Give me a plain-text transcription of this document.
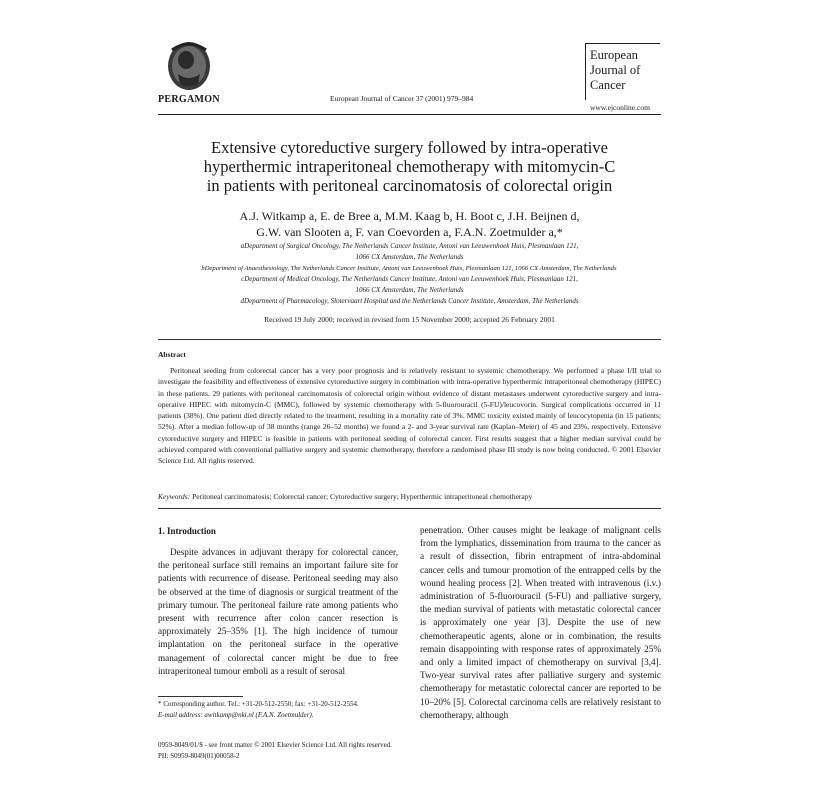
PERGAMON	European Journal of Cancer 37 (2001) 979–984
European
Journal of
Cancer
www.ejconline.com
Extensive cytoreductive surgery followed by intra-operative
hyperthermic intraperitoneal chemotherapy with mitomycin-C
in patients with peritoneal carcinomatosis of colorectal origin
A.J. Witkamp a, E. de Bree a, M.M. Kaag b, H. Boot c, J.H. Beijnen d,
G.W. van Slooten a, F. van Coevorden a, F.A.N. Zoetmulder a,*
aDepartment of Surgical Oncology, The Netherlands Cancer Institute, Antoni van Leeuwenhoek Huis, Plesmanlaan 121,
1066 CX Amsterdam, The Netherlands
bDepartment of Anaesthesiology, The Netherlands Cancer Institute, Antoni van Leeuwenhoek Huis, Plesmanlaan 121, 1066 CX Amsterdam, The Netherlands
cDepartment of Medical Oncology, The Netherlands Cancer Institute, Antoni van Leeuwenhoek Huis, Plesmanlaan 121,
1066 CX Amsterdam, The Netherlands
dDepartment of Pharmacology, Slotervaart Hospital and the Netherlands Cancer Institute, Amsterdam, The Netherlands
Received 19 July 2000; received in revised form 15 November 2000; accepted 26 February 2001
Abstract

Peritoneal seeding from colorectal cancer has a very poor prognosis and is relatively resistant to systemic chemotherapy. We performed a phase I/II trial to investigate the feasibility and effectiveness of extensive cytoreductive surgery in combination with intra-operative hyperthermic intraperitoneal chemotherapy (HIPEC) in these patients. 29 patients with peritoneal carcinomatosis of colorectal origin without evidence of distant metastases underwent cytoreductive surgery and intra-operative HIPEC with mitomycin-C (MMC), followed by systemic chemotherapy with 5-fluorouracil (5-FU)/leucovorin. Surgical complications occurred in 11 patients (38%). One patient died directly related to the treatment, resulting in a mortality rate of 3%. MMC toxicity existed mainly of leucocytopenia (in 15 patients; 52%). After a median follow-up of 38 months (range 26–52 months) we found a 2- and 3-year survival rate (Kaplan–Meier) of 45 and 23%, respectively. Extensive cytoreductive surgery and HIPEC is feasible in patients with peritoneal seeding of colorectal cancer. First results suggest that a higher median survival could be achieved compared with conventional palliative surgery and systemic chemotherapy, therefore a randomised phase III study is now being conducted. © 2001 Elsevier Science Ltd. All rights reserved.

Keywords: Peritoneal carcinomatosis; Colorectal cancer; Cytoreductive surgery; Hyperthermic intraperitoneal chemotherapy
1. Introduction

Despite advances in adjuvant therapy for colorectal cancer, the peritoneal surface still remains an important failure site for patients with recurrence of disease. Peritoneal seeding may also be observed at the time of diagnosis or surgical treatment of the primary tumour. The peritoneal failure rate among patients who present with recurrence after colon cancer resection is approximately 25–35% [1]. The high incidence of tumour implantation on the peritoneal surface in the operative management of colorectal cancer might be due to free intraperitoneal tumour emboli as a result of serosal

penetration. Other causes might be leakage of malignant cells from the lymphatics, dissemination from trauma to the cancer as a result of dissection, fibrin entrapment of intra-abdominal cancer cells and tumour promotion of the entrapped cells by the wound healing process [2]. When treated with intravenous (i.v.) administration of 5-fluorouracil (5-FU) and palliative surgery, the median survival of patients with metastatic colorectal cancer is approximately one year [3]. Despite the use of new chemotherapeutic agents, alone or in combination, the results remain disappointing with response rates of approximately 25% and only a limited impact of chemotherapy on survival [3,4]. Two-year survival rates after palliative surgery and systemic chemotherapy for metastatic colorectal cancer are reported to be 10–20% [5]. Colorectal carcinoma cells are relatively resistant to chemotherapy, although

* Corresponding author. Tel.: +31-20-512-2550; fax: +31-20-512-2554.
E-mail address: awitkamp@nki.nl (F.A.N. Zoetmulder).
0959-8049/01/$ - see front matter © 2001 Elsevier Science Ltd. All rights reserved.
PII: S0959-8049(01)00058-2
